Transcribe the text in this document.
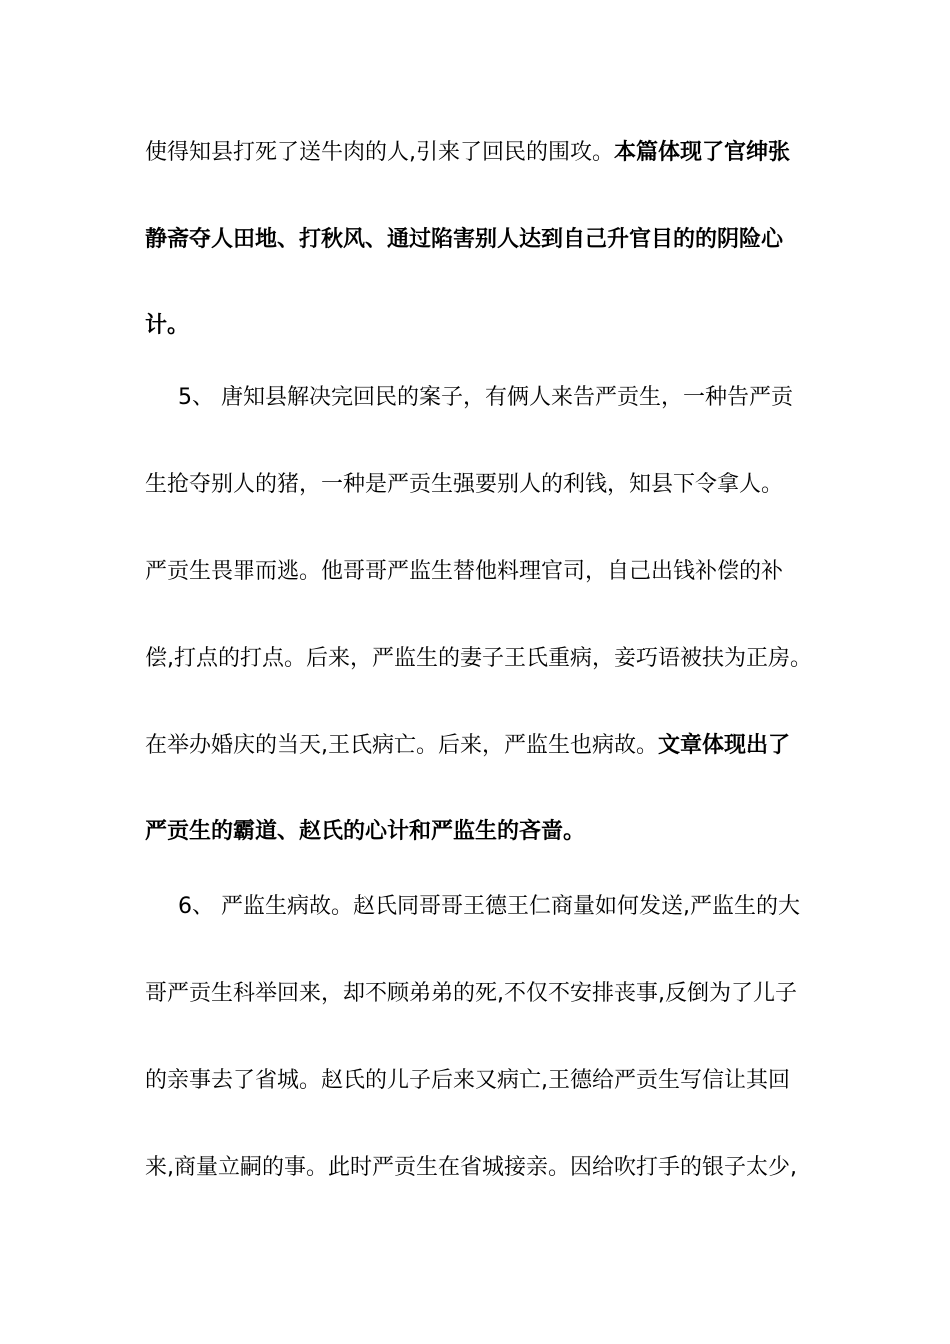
使得知县打死了送牛肉的人,引来了回民的围攻。本篇体现了官绅张
静斋夺人田地、打秋风、通过陷害别人达到自己升官目的的阴险心
计。
5、 唐知县解决完回民的案子，有俩人来告严贡生，一种告严贡
生抢夺别人的猪，一种是严贡生强要别人的利钱，知县下令拿人。
严贡生畏罪而逃。他哥哥严监生替他料理官司，自己出钱补偿的补
偿,打点的打点。后来，严监生的妻子王氏重病，妾巧语被扶为正房。
在举办婚庆的当天,王氏病亡。后来，严监生也病故。文章体现出了
严贡生的霸道、赵氏的心计和严监生的吝啬。
6、 严监生病故。赵氏同哥哥王德王仁商量如何发送,严监生的大
哥严贡生科举回来，却不顾弟弟的死,不仅不安排丧事,反倒为了儿子
的亲事去了省城。赵氏的儿子后来又病亡,王德给严贡生写信让其回
来,商量立嗣的事。此时严贡生在省城接亲。因给吹打手的银子太少,
